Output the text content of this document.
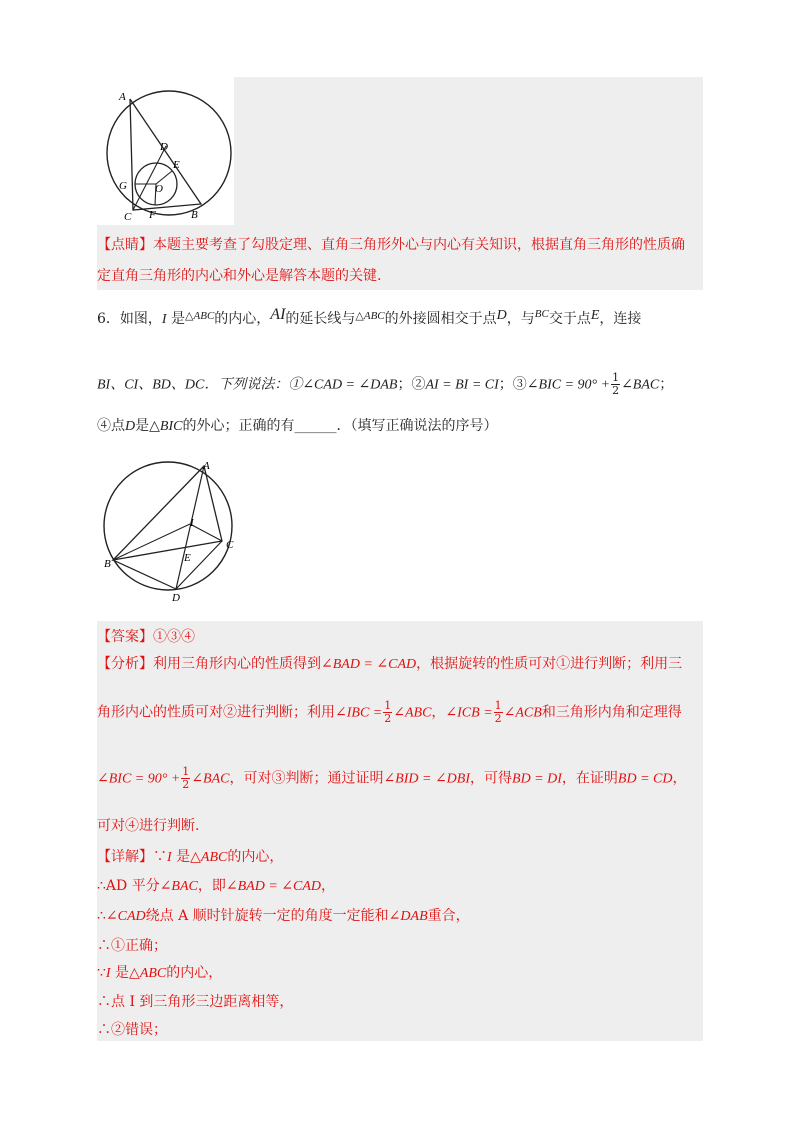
A
D
E
G	O
C F	B
【点睛】本题主要考查了勾股定理、直角三角形外心与内心有关知识，根据直角三角形的性质确
定直角三角形的内心和外心是解答本题的关键.
6．如图，I 是$^{\triangle ABC}$的内心，AI的延长线与$^{\triangle ABC}$的外接圆相交于点D，与$^{BC}$交于点E，连接
BI、CI、BD、DC．下列说法：①∠CAD = ∠DAB；②AI = BI = CI；③∠BIC = $90^\circ + \frac{1}{2}$ ∠BAC；
④点D是△BIC的外心；正确的有______．（填写正确说法的序号）
A
I
C
E
B
D
【答案】①③④
【分析】利用三角形内心的性质得到∠BAD = ∠CAD，根据旋转的性质可对①进行判断；利用三
角形内心的性质可对②进行判断；利用∠IBC = $\frac{1}{2}$ ∠ABC，∠ICB = $\frac{1}{2}$ ∠ACB和三角形内角和定理得
∠BIC = $90^\circ + \frac{1}{2}$ ∠BAC，可对③判断；通过证明∠BID = ∠DBI，可得BD = DI，在证明BD = CD，
可对④进行判断.
【详解】∵I 是△ABC的内心，
∴AD 平分∠BAC，即∠BAD = ∠CAD，
∴∠CAD绕点 A 顺时针旋转一定的角度一定能和∠DAB重合，
∴①正确；
∵I 是△ABC的内心，
∴点 I 到三角形三边距离相等，
∴②错误；
